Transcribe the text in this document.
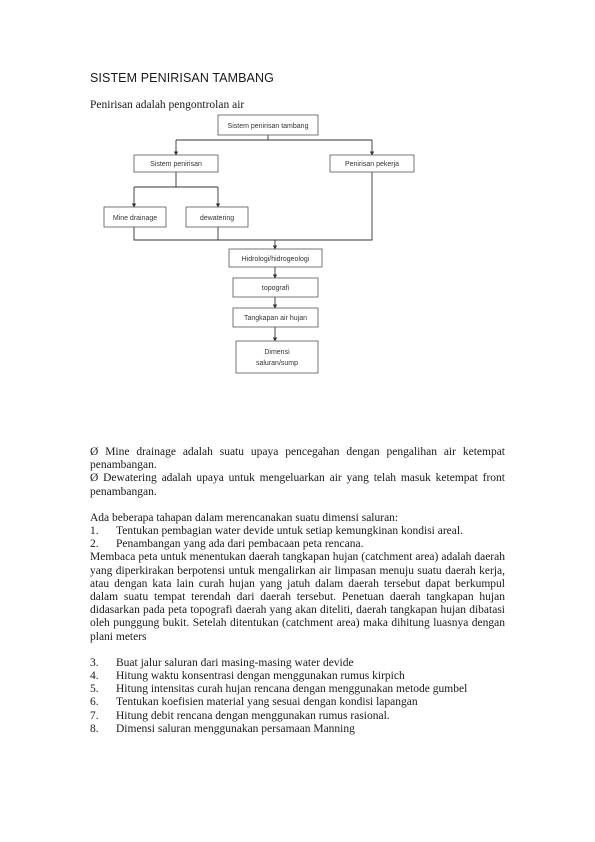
SISTEM PENIRISAN TAMBANG
Penirisan adalah pengontrolan air
Sistem penirisan tambang
Sistem penirisan	Penirisan pekerja
Mine drainage	dewatering
Hidrologi/hidrogeologi
topografi
Tangkapan air hujan
Dimensi
saluran/sump

Ø Mine drainage adalah suatu upaya pencegahan dengan pengalihan air ketempat penambangan.

Ø Dewatering adalah upaya untuk mengeluarkan air yang telah masuk ketempat front penambangan.

Ada beberapa tahapan dalam merencanakan suatu dimensi saluran:

1.	Tentukan pembagian water devide untuk setiap kemungkinan kondisi areal.
2.	Penambangan yang ada dari pembacaan peta rencana.

Membaca peta untuk menentukan daerah tangkapan hujan (catchment area) adalah daerah yang diperkirakan berpotensi untuk mengalirkan air limpasan menuju suatu daerah kerja, atau dengan kata lain curah hujan yang jatuh dalam daerah tersebut dapat berkumpul dalam suatu tempat terendah dari daerah tersebut. Penetuan daerah tangkapan hujan didasarkan pada peta topografi daerah yang akan diteliti, daerah tangkapan hujan dibatasi oleh punggung bukit. Setelah ditentukan (catchment area) maka dihitung luasnya dengan plani meters

3.	Buat jalur saluran dari masing-masing water devide
4.	Hitung waktu konsentrasi dengan menggunakan rumus kirpich
5.	Hitung intensitas curah hujan rencana dengan menggunakan metode gumbel
6.	Tentukan koefisien material yang sesuai dengan kondisi lapangan
7.	Hitung debit rencana dengan menggunakan rumus rasional.
8.	Dimensi saluran menggunakan persamaan Manning
